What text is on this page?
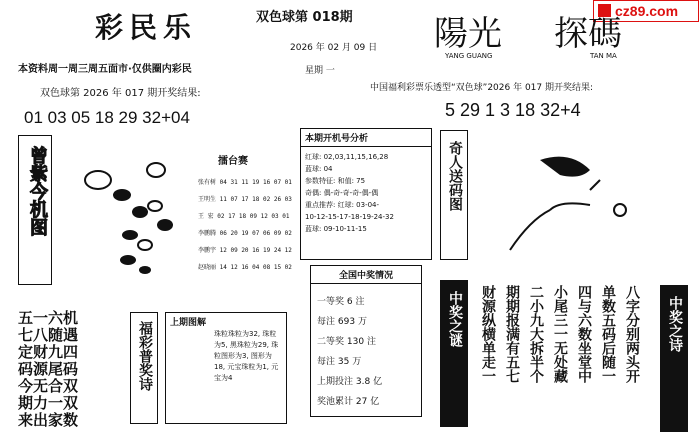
cz89.com
彩民乐	双色球第 018期
2026 年 02 月 09 日
星期 一
陽光 探碼
YANG GUANG	TAN MA
本资料周一周三周五面市·仅供圈内彩民
双色球第 2026 年 017 期开奖结果:
01 03 05 18 29 32+04
中国福利彩票乐透型“双色球”2026 年 017 期开奖结果:
5 29 1 3 18 32+4
曾紫今机图	擂台赛
张有树 04 31 11 19 16 07 01
王明生 11 07 17 18 02 26 03
王 宏 02 17 18 09 12 03 01
李鹏腾 06 20 19 07 06 09 02
李鹏宇 12 09 20 16 19 24 12
赵晓丽 14 12 16 04 08 15 02
本期开机号分析
红球: 02,03,11,15,16,28
蓝球: 04
参数特征: 和值: 75
奇偶: 偶-奇-奇-奇-偶-偶
重点推荐: 红球: 03-04-
10-12-15-17-18-19-24-32
蓝球: 09-10-11-15
奇人送码图
全国中奖情况
一等奖 6 注
每注 693 万
二等奖 130 注
每注 35 万
上期投注 3.8 亿
奖池累计 27 亿
五一六机
七八随遇
定财九四
码源尾码
今无合双
期力一双
来出家数
福彩普奖诗	上期图解
珠粒珠粒为32, 珠粒为5, 黑珠粒为29, 珠粒图形为3, 图形为18, 元宝珠粒为1, 元宝为4
中奖之谜	八字分别两头开
单数五码后随一
四与六数坐堂中
小尾三一无处藏
二小九大拆半个
期期报满有五七
财源纵横单走一	中奖之诗
